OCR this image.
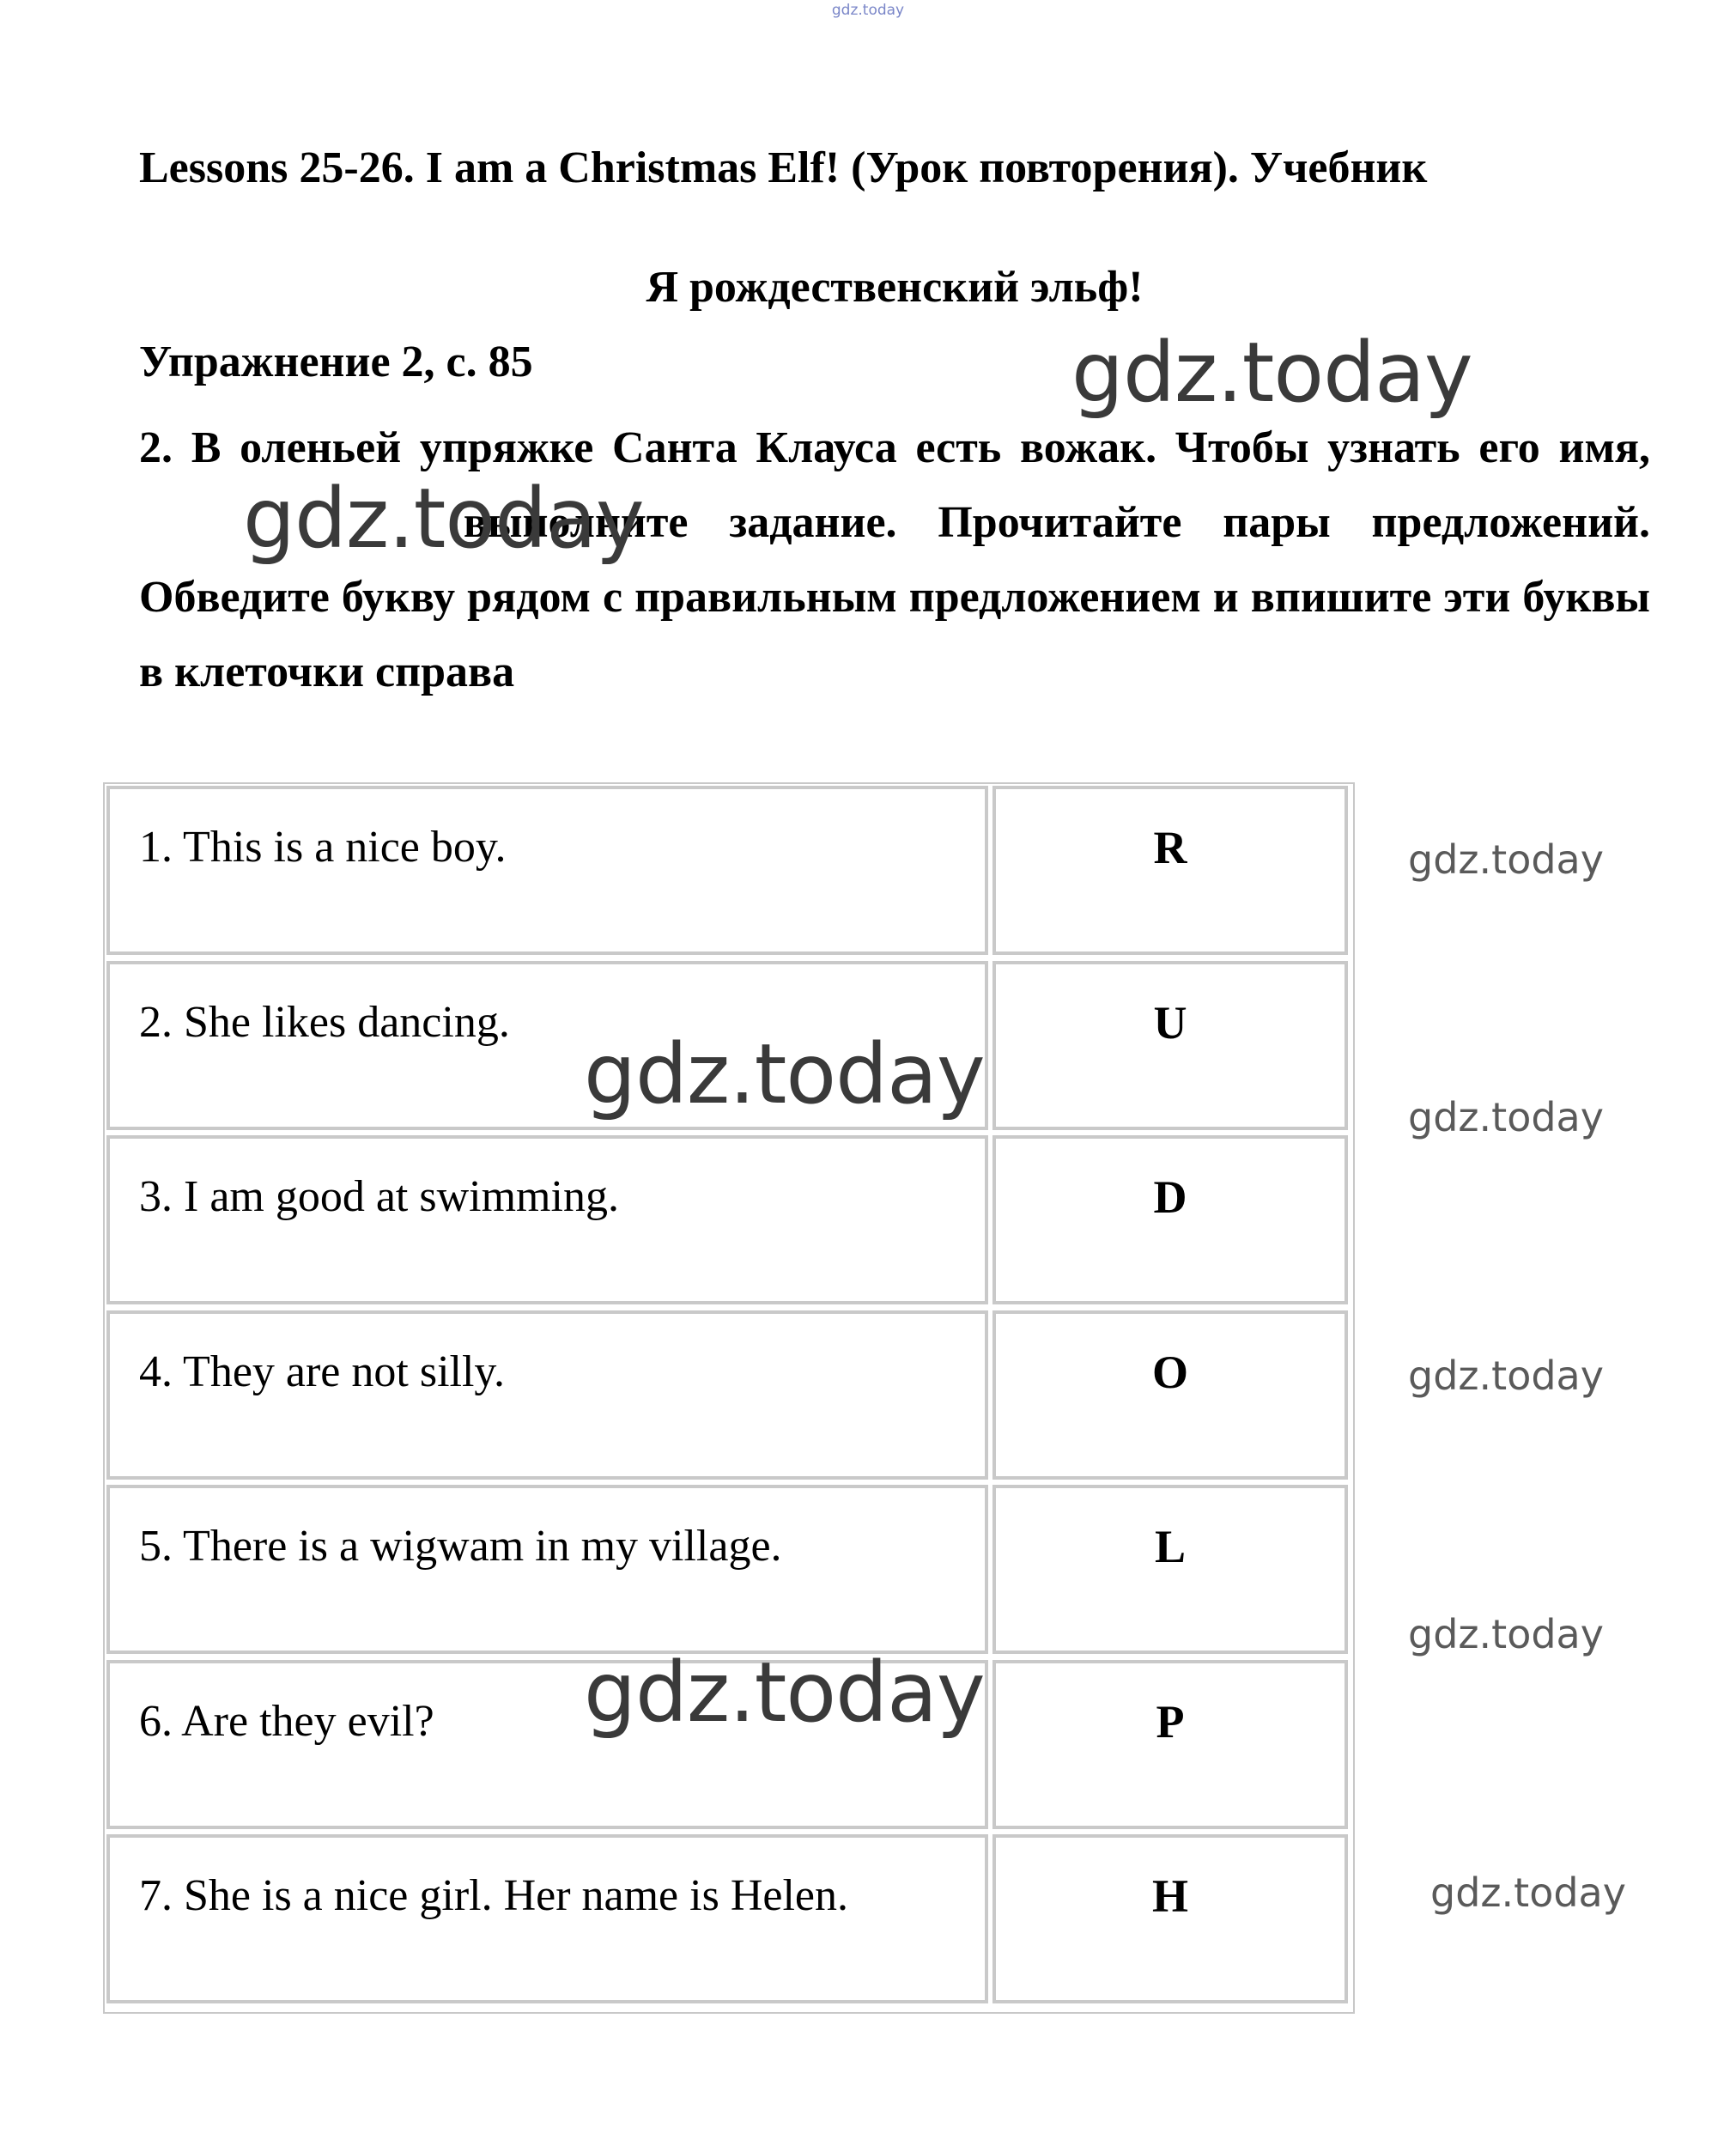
gdz.today
Lessons 25-26. I am a Christmas Elf! (Урок повторения). Учебник
Я рождественский эльф!
Упражнение 2, с. 85

2. В оленьей упряжке Санта Клауса есть вожак. Чтобы узнать его имя,  выполните задание. Прочитайте пары предложений. Обведите букву рядом с правильным предложением и впишите эти буквы в клеточки справа

1. This is a nice boy.	R
2. She likes dancing.	U
3. I am good at swimming.	D
4. They are not silly.	O
5. There is a wigwam in my village.	L
6. Are they evil?	P
7. She is a nice girl. Her name is Helen.	H
gdz.today
gdz.today
gdz.today
gdz.today
gdz.today
gdz.today
gdz.today
gdz.today
gdz.today
